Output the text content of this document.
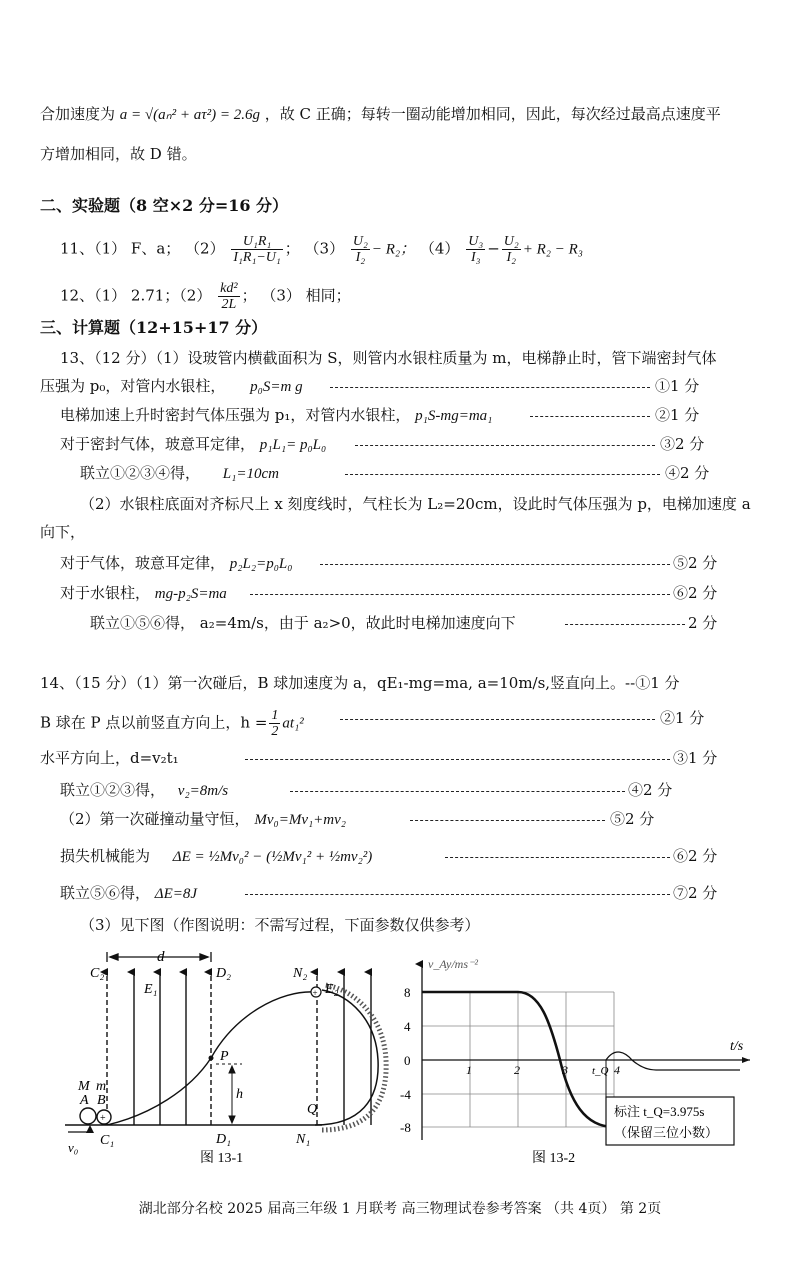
合加速度为 a = √(aₙ² + aτ²) = 2.6g ，故 C 正确；每转一圈动能增加相同，因此，每次经过最高点速度平
方增加相同，故 D 错。
二、实验题（8 空×2 分=16 分）
11、（1） F、a； $(2) \frac{\text{U₁R₁}}{\text{I₁R₁−U₁}}$ ； $(3) \frac{\text{U₂}}{\text{I₂}} - R_2$； $(4) \frac{\text{U₃}}{\text{I₃}} - \frac{\text{U₂}}{\text{I₂}} + R_2 - R_3$
12、（1） 2.71；$(2) \frac{\text{kd²}}{2L}$ ； （3） 相同；
三、计算题（12+15+17 分）
13、（12 分）（1）设玻管内横截面积为 S，则管内水银柱质量为 m，电梯静止时，管下端密封气体
压强为 p₀，对管内水银柱， p₀S=m g	①1 分
电梯加速上升时密封气体压强为 p₁，对管内水银柱， p₁S-mg=ma₁	②1 分
对于密封气体，玻意耳定律， p₁L₁= p₀L₀	③2 分
联立①②③④得， L₁=10cm	④2 分
（2）水银柱底面对齐标尺上 x 刻度线时，气柱长为 L₂=20cm，设此时气体压强为 p，电梯加速度 a
向下，
对于气体，玻意耳定律， p₂L₂=p₀L₀	⑤2 分
对于水银柱， mg-p₂S=ma	⑥2 分
联立①⑤⑥得， a₂=4m/s，由于 a₂>0，故此时电梯加速度向下	2 分
14、（15 分）（1）第一次碰后，B 球加速度为 a，qE₁-mg=ma, a=10m/s,竖直向上。--①1 分
B 球在 P 点以前竖直方向上，$h = \frac{1}{2} at_1^2$	②1 分
水平方向上，d=v₂t₁	③1 分
联立①②③得， v₂=8m/s	④2 分
（2）第一次碰撞动量守恒， Mv₀=Mv₁+mv₂	⑤2 分
损失机械能为 ΔE = ½Mv₀² − (½Mv₁² + ½mv₂²)	⑥2 分
联立⑤⑥得， ΔE=8J	⑦2 分
（3）见下图（作图说明：不需写过程，下面参数仅供参考）
+
+
d
C₂	D₂	N₂
E₁	E₂
P
h
Q
M m
A B
C₁	D₁	N₁
v₀
图 13-1
标注 t_Q=3.975s
（保留三位小数）
v_Ay/ms⁻²
t/s
8
4
0
-4
-8
1	2	3	4
t_Q
图 13-2
湖北部分名校 2025 届高三年级 1 月联考 高三物理试卷参考答案 （共 4页） 第 2页
